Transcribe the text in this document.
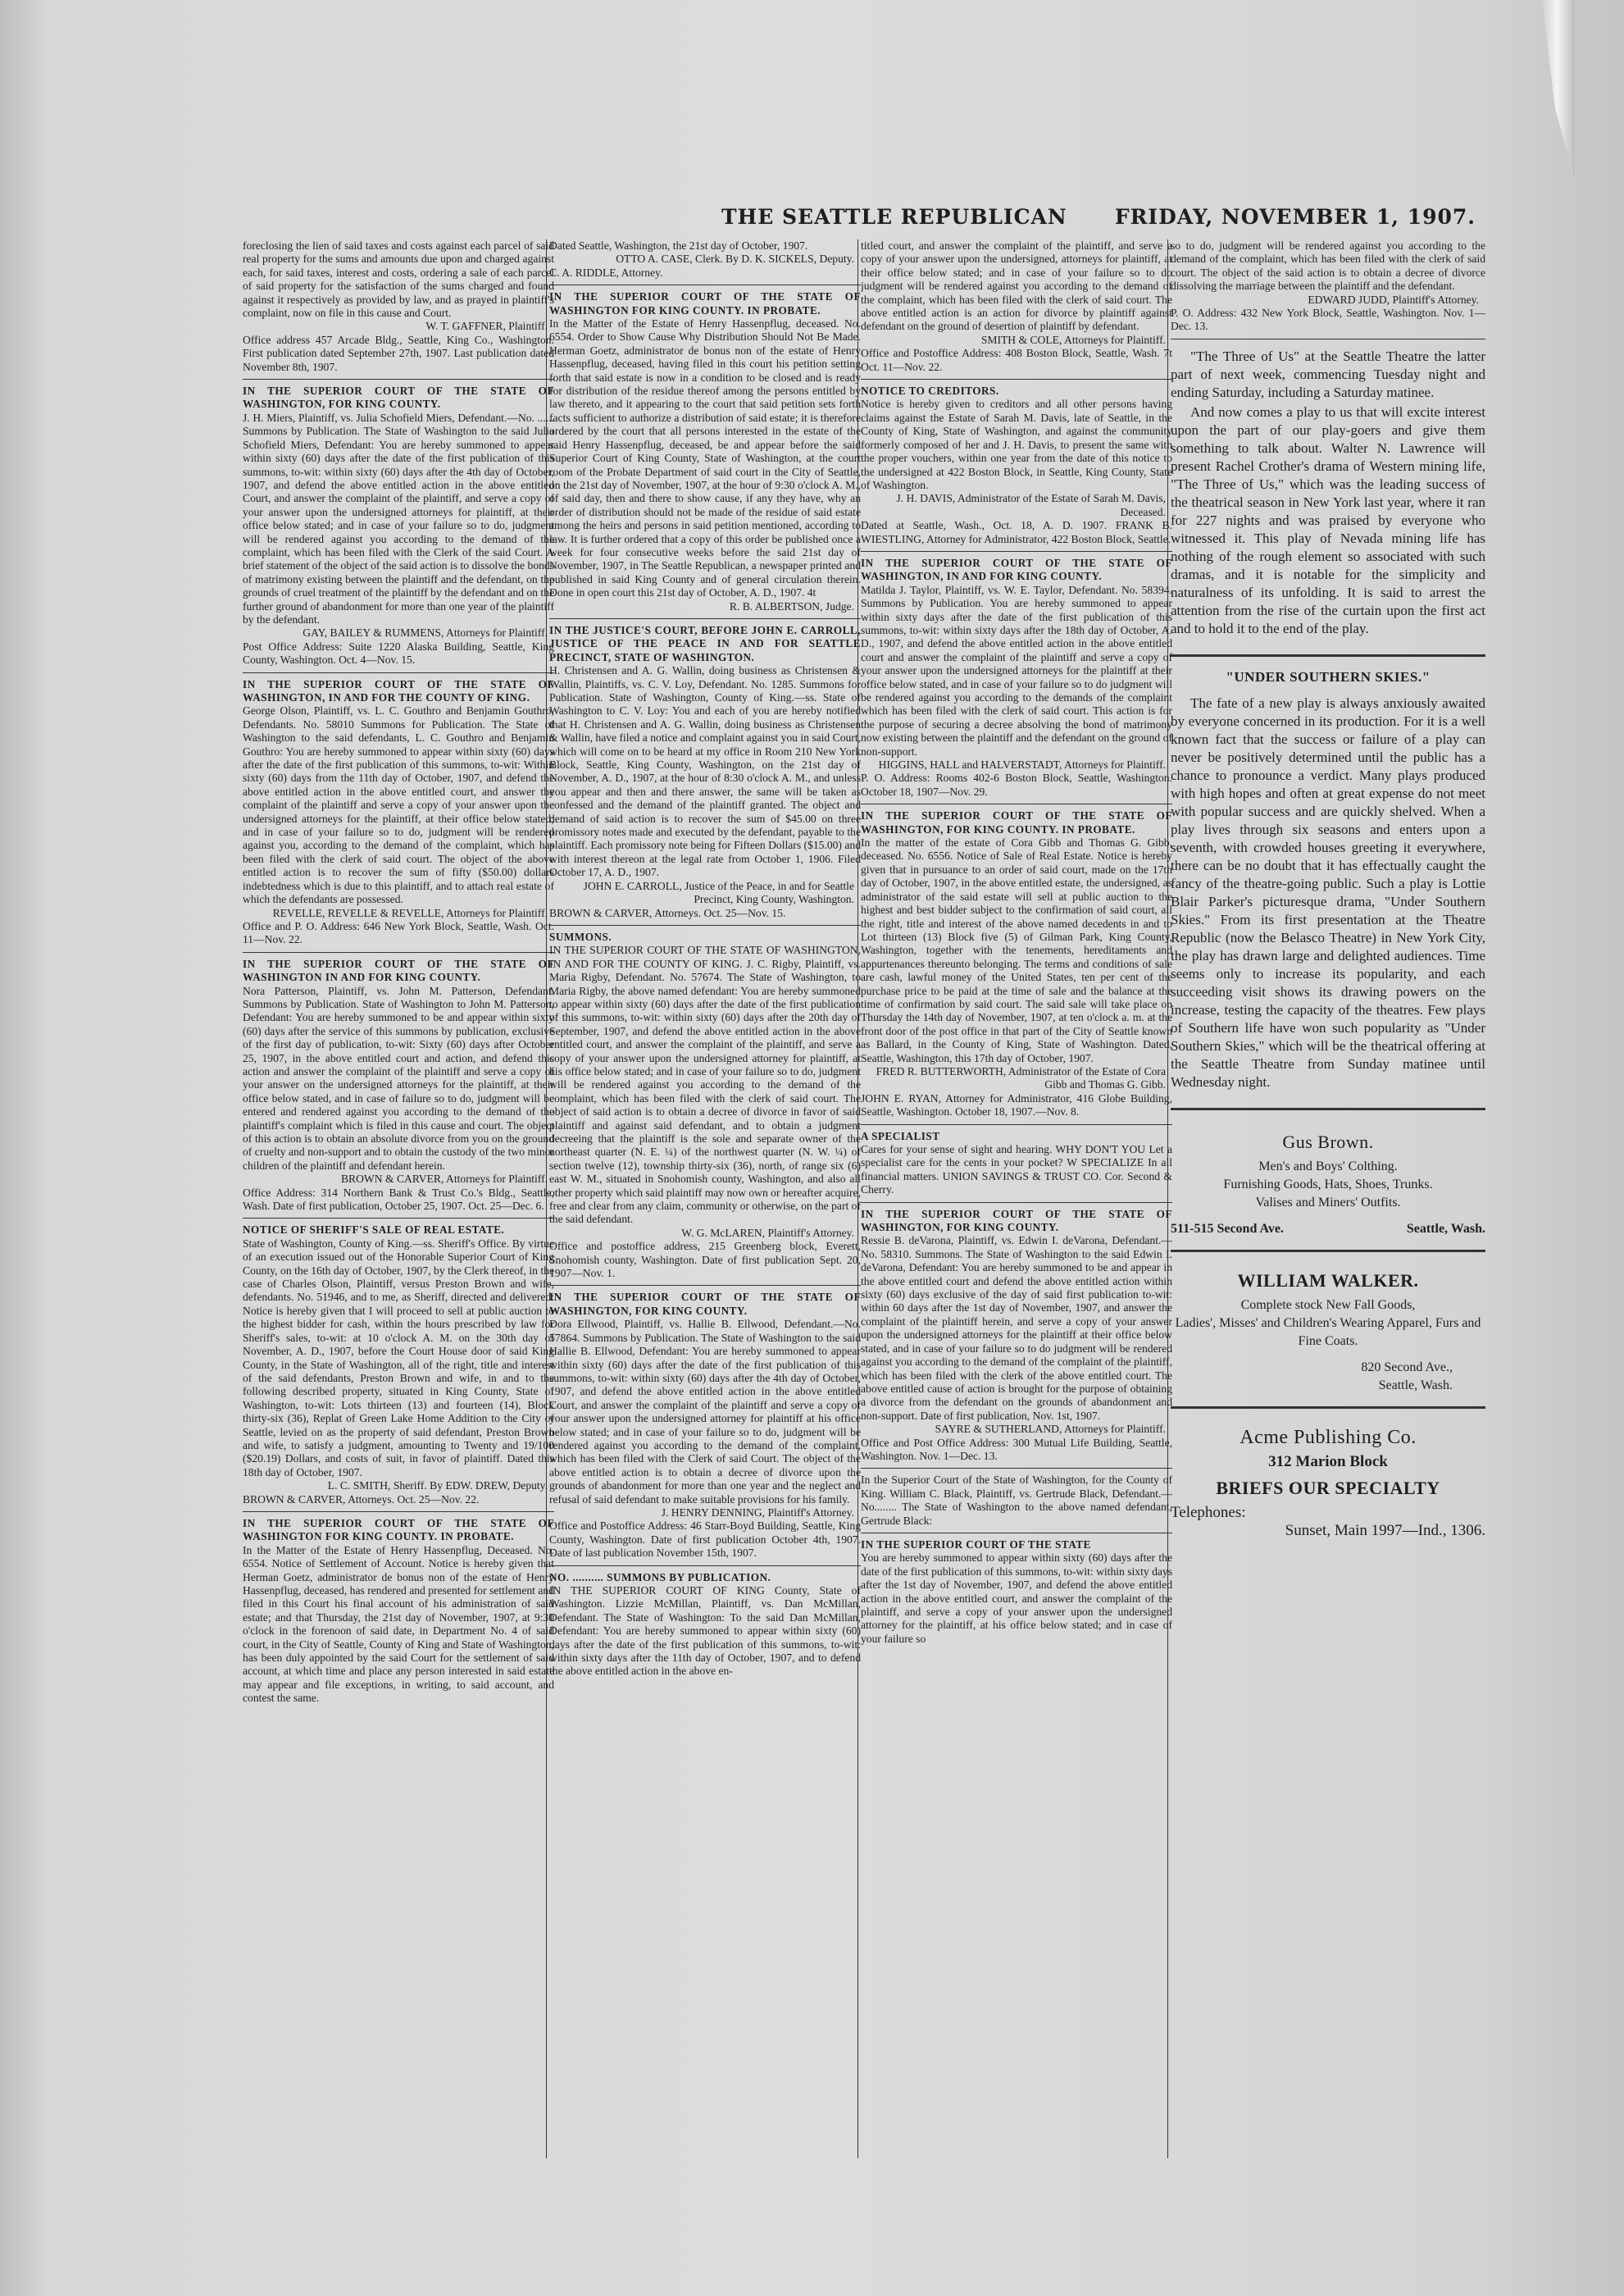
THE SEATTLE REPUBLICAN FRIDAY, NOVEMBER 1, 1907.
foreclosing the lien of said taxes and costs against each parcel of said real property for the sums and amounts due upon and charged against each, for said taxes, interest and costs, ordering a sale of each parcel of said property for the satisfaction of the sums charged and found against it respectively as provided by law, and as prayed in plaintiff's complaint, now on file in this cause and Court.
W. T. GAFFNER, Plaintiff.
Office address 457 Arcade Bldg., Seattle, King Co., Washington. First publication dated September 27th, 1907. Last publication dated November 8th, 1907.
IN THE SUPERIOR COURT OF THE STATE OF WASHINGTON, FOR KING COUNTY.
J. H. Miers, Plaintiff, vs. Julia Schofield Miers, Defendant.—No. ...... Summons by Publication. The State of Washington to the said Julia Schofield Miers, Defendant: You are hereby summoned to appear within sixty (60) days after the date of the first publication of this summons, to-wit: within sixty (60) days after the 4th day of October, 1907, and defend the above entitled action in the above entitled Court, and answer the complaint of the plaintiff, and serve a copy of your answer upon the undersigned attorneys for plaintiff, at their office below stated; and in case of your failure so to do, judgment will be rendered against you according to the demand of the complaint, which has been filed with the Clerk of the said Court. A brief statement of the object of the said action is to dissolve the bonds of matrimony existing between the plaintiff and the defendant, on the grounds of cruel treatment of the plaintiff by the defendant and on the further ground of abandonment for more than one year of the plaintiff by the defendant.
GAY, BAILEY & RUMMENS, Attorneys for Plaintiff.
Post Office Address: Suite 1220 Alaska Building, Seattle, King County, Washington. Oct. 4—Nov. 15.
IN THE SUPERIOR COURT OF THE STATE OF WASHINGTON, IN AND FOR THE COUNTY OF KING.
George Olson, Plaintiff, vs. L. C. Gouthro and Benjamin Gouthro, Defendants. No. 58010 Summons for Publication. The State of Washington to the said defendants, L. C. Gouthro and Benjamin Gouthro: You are hereby summoned to appear within sixty (60) days after the date of the first publication of this summons, to-wit: Within sixty (60) days from the 11th day of October, 1907, and defend the above entitled action in the above entitled court, and answer the complaint of the plaintiff and serve a copy of your answer upon the undersigned attorneys for the plaintiff, at their office below stated; and in case of your failure so to do, judgment will be rendered against you, according to the demand of the complaint, which has been filed with the clerk of said court. The object of the above entitled action is to recover the sum of fifty ($50.00) dollars indebtedness which is due to this plaintiff, and to attach real estate of which the defendants are possessed.
REVELLE, REVELLE & REVELLE, Attorneys for Plaintiff.
Office and P. O. Address: 646 New York Block, Seattle, Wash. Oct. 11—Nov. 22.
IN THE SUPERIOR COURT OF THE STATE OF WASHINGTON IN AND FOR KING COUNTY.
Nora Patterson, Plaintiff, vs. John M. Patterson, Defendant. Summons by Publication. State of Washington to John M. Patterson, Defendant: You are hereby summoned to be and appear within sixty (60) days after the service of this summons by publication, exclusive of the first day of publication, to-wit: Sixty (60) days after October 25, 1907, in the above entitled court and action, and defend this action and answer the complaint of the plaintiff and serve a copy of your answer on the undersigned attorneys for the plaintiff, at their office below stated, and in case of failure so to do, judgment will be entered and rendered against you according to the demand of the plaintiff's complaint which is filed in this cause and court. The object of this action is to obtain an absolute divorce from you on the ground of cruelty and non-support and to obtain the custody of the two minor children of the plaintiff and defendant herein.
BROWN & CARVER, Attorneys for Plaintiff.
Office Address: 314 Northern Bank & Trust Co.'s Bldg., Seattle, Wash. Date of first publication, October 25, 1907. Oct. 25—Dec. 6.
NOTICE OF SHERIFF'S SALE OF REAL ESTATE.
State of Washington, County of King.—ss. Sheriff's Office. By virtue of an execution issued out of the Honorable Superior Court of King County, on the 16th day of October, 1907, by the Clerk thereof, in the case of Charles Olson, Plaintiff, versus Preston Brown and wife, defendants. No. 51946, and to me, as Sheriff, directed and delivered: Notice is hereby given that I will proceed to sell at public auction to the highest bidder for cash, within the hours prescribed by law for Sheriff's sales, to-wit: at 10 o'clock A. M. on the 30th day of November, A. D., 1907, before the Court House door of said King County, in the State of Washington, all of the right, title and interest of the said defendants, Preston Brown and wife, in and to the following described property, situated in King County, State of Washington, to-wit: Lots thirteen (13) and fourteen (14), Block thirty-six (36), Replat of Green Lake Home Addition to the City of Seattle, levied on as the property of said defendant, Preston Brown and wife, to satisfy a judgment, amounting to Twenty and 19/100 ($20.19) Dollars, and costs of suit, in favor of plaintiff. Dated this 18th day of October, 1907.
L. C. SMITH, Sheriff. By EDW. DREW, Deputy.
BROWN & CARVER, Attorneys. Oct. 25—Nov. 22.
IN THE SUPERIOR COURT OF THE STATE OF WASHINGTON FOR KING COUNTY. IN PROBATE.
In the Matter of the Estate of Henry Hassenpflug, Deceased. No. 6554. Notice of Settlement of Account. Notice is hereby given that Herman Goetz, administrator de bonus non of the estate of Henry Hassenpflug, deceased, has rendered and presented for settlement and filed in this Court his final account of his administration of said estate; and that Thursday, the 21st day of November, 1907, at 9:30 o'clock in the forenoon of said date, in Department No. 4 of said court, in the City of Seattle, County of King and State of Washington, has been duly appointed by the said Court for the settlement of said account, at which time and place any person interested in said estate may appear and file exceptions, in writing, to said account, and contest the same.
Dated Seattle, Washington, the 21st day of October, 1907.
OTTO A. CASE, Clerk. By D. K. SICKELS, Deputy.
C. A. RIDDLE, Attorney.
IN THE SUPERIOR COURT OF THE STATE OF WASHINGTON FOR KING COUNTY. IN PROBATE.
In the Matter of the Estate of Henry Hassenpflug, deceased. No. 6554. Order to Show Cause Why Distribution Should Not Be Made. Herman Goetz, administrator de bonus non of the estate of Henry Hassenpflug, deceased, having filed in this court his petition setting forth that said estate is now in a condition to be closed and is ready for distribution of the residue thereof among the persons entitled by law thereto, and it appearing to the court that said petition sets forth facts sufficient to authorize a distribution of said estate; it is therefore ordered by the court that all persons interested in the estate of the said Henry Hassenpflug, deceased, be and appear before the said Superior Court of King County, State of Washington, at the court room of the Probate Department of said court in the City of Seattle, on the 21st day of November, 1907, at the hour of 9:30 o'clock A. M., of said day, then and there to show cause, if any they have, why an order of distribution should not be made of the residue of said estate among the heirs and persons in said petition mentioned, according to law. It is further ordered that a copy of this order be published once a week for four consecutive weeks before the said 21st day of November, 1907, in The Seattle Republican, a newspaper printed and published in said King County and of general circulation therein. Done in open court this 21st day of October, A. D., 1907. 4t
R. B. ALBERTSON, Judge.
IN THE JUSTICE'S COURT, BEFORE JOHN E. CARROLL, JUSTICE OF THE PEACE IN AND FOR SEATTLE PRECINCT, STATE OF WASHINGTON.
H. Christensen and A. G. Wallin, doing business as Christensen & Wallin, Plaintiffs, vs. C. V. Loy, Defendant. No. 1285. Summons for Publication. State of Washington, County of King.—ss. State of Washington to C. V. Loy: You and each of you are hereby notified that H. Christensen and A. G. Wallin, doing business as Christensen & Wallin, have filed a notice and complaint against you in said Court, which will come on to be heard at my office in Room 210 New York Block, Seattle, King County, Washington, on the 21st day of November, A. D., 1907, at the hour of 8:30 o'clock A. M., and unless you appear and then and there answer, the same will be taken as confessed and the demand of the plaintiff granted. The object and demand of said action is to recover the sum of $45.00 on three promissory notes made and executed by the defendant, payable to the plaintiff. Each promissory note being for Fifteen Dollars ($15.00) and with interest thereon at the legal rate from October 1, 1906. Filed October 17, A. D., 1907.
JOHN E. CARROLL, Justice of the Peace, in and for Seattle Precinct, King County, Washington.
BROWN & CARVER, Attorneys. Oct. 25—Nov. 15.
SUMMONS.
IN THE SUPERIOR COURT OF THE STATE OF WASHINGTON, IN AND FOR THE COUNTY OF KING. J. C. Rigby, Plaintiff, vs. Maria Rigby, Defendant. No. 57674. The State of Washington, to Maria Rigby, the above named defendant: You are hereby summoned to appear within sixty (60) days after the date of the first publication of this summons, to-wit: within sixty (60) days after the 20th day of September, 1907, and defend the above entitled action in the above entitled court, and answer the complaint of the plaintiff, and serve a copy of your answer upon the undersigned attorney for plaintiff, at his office below stated; and in case of your failure so to do, judgment will be rendered against you according to the demand of the complaint, which has been filed with the clerk of said court. The object of said action is to obtain a decree of divorce in favor of said plaintiff and against said defendant, and to obtain a judgment decreeing that the plaintiff is the sole and separate owner of the northeast quarter (N. E. ¼) of the northwest quarter (N. W. ¼) of section twelve (12), township thirty-six (36), north, of range six (6) east W. M., situated in Snohomish county, Washington, and also all other property which said plaintiff may now own or hereafter acquire, free and clear from any claim, community or otherwise, on the part of the said defendant.
W. G. McLAREN, Plaintiff's Attorney.
Office and postoffice address, 215 Greenberg block, Everett, Snohomish county, Washington. Date of first publication Sept. 20, 1907—Nov. 1.
IN THE SUPERIOR COURT OF THE STATE OF WASHINGTON, FOR KING COUNTY.
Dora Ellwood, Plaintiff, vs. Hallie B. Ellwood, Defendant.—No. 57864. Summons by Publication. The State of Washington to the said Hallie B. Ellwood, Defendant: You are hereby summoned to appear within sixty (60) days after the date of the first publication of this summons, to-wit: within sixty (60) days after the 4th day of October, 1907, and defend the above entitled action in the above entitled Court, and answer the complaint of the plaintiff and serve a copy of your answer upon the undersigned attorney for plaintiff at his office below stated; and in case of your failure so to do, judgment will be rendered against you according to the demand of the complaint, which has been filed with the Clerk of said Court. The object of the above entitled action is to obtain a decree of divorce upon the grounds of abandonment for more than one year and the neglect and refusal of said defendant to make suitable provisions for his family.
J. HENRY DENNING, Plaintiff's Attorney.
Office and Postoffice Address: 46 Starr-Boyd Building, Seattle, King County, Washington. Date of first publication October 4th, 1907. Date of last publication November 15th, 1907.
NO. .......... SUMMONS BY PUBLICATION.
IN THE SUPERIOR COURT OF KING County, State of Washington. Lizzie McMillan, Plaintiff, vs. Dan McMillan, Defendant. The State of Washington: To the said Dan McMillan, Defendant: You are hereby summoned to appear within sixty (60) days after the date of the first publication of this summons, to-wit: within sixty days after the 11th day of October, 1907, and to defend the above entitled action in the above en-
titled court, and answer the complaint of the plaintiff, and serve a copy of your answer upon the undersigned, attorneys for plaintiff, at their office below stated; and in case of your failure so to do judgment will be rendered against you according to the demand of the complaint, which has been filed with the clerk of said court. The above entitled action is an action for divorce by plaintiff against defendant on the ground of desertion of plaintiff by defendant.
SMITH & COLE, Attorneys for Plaintiff.
Office and Postoffice Address: 408 Boston Block, Seattle, Wash. 7t Oct. 11—Nov. 22.
NOTICE TO CREDITORS.
Notice is hereby given to creditors and all other persons having claims against the Estate of Sarah M. Davis, late of Seattle, in the County of King, State of Washington, and against the community formerly composed of her and J. H. Davis, to present the same with the proper vouchers, within one year from the date of this notice to the undersigned at 422 Boston Block, in Seattle, King County, State of Washington.
J. H. DAVIS, Administrator of the Estate of Sarah M. Davis, Deceased.
Dated at Seattle, Wash., Oct. 18, A. D. 1907. FRANK B. WIESTLING, Attorney for Administrator, 422 Boston Block, Seattle.
IN THE SUPERIOR COURT OF THE STATE OF WASHINGTON, IN AND FOR KING COUNTY.
Matilda J. Taylor, Plaintiff, vs. W. E. Taylor, Defendant. No. 58394. Summons by Publication. You are hereby summoned to appear within sixty days after the date of the first publication of this summons, to-wit: within sixty days after the 18th day of October, A. D., 1907, and defend the above entitled action in the above entitled court and answer the complaint of the plaintiff and serve a copy of your answer upon the undersigned attorneys for the plaintiff at their office below stated, and in case of your failure so to do judgment will be rendered against you according to the demands of the complaint which has been filed with the clerk of said court. This action is for the purpose of securing a decree absolving the bond of matrimony now existing between the plaintiff and the defendant on the ground of non-support.
HIGGINS, HALL and HALVERSTADT, Attorneys for Plaintiff.
P. O. Address: Rooms 402-6 Boston Block, Seattle, Washington. October 18, 1907—Nov. 29.
IN THE SUPERIOR COURT OF THE STATE OF WASHINGTON, FOR KING COUNTY. IN PROBATE.
In the matter of the estate of Cora Gibb and Thomas G. Gibb, deceased. No. 6556. Notice of Sale of Real Estate. Notice is hereby given that in pursuance to an order of said court, made on the 17th day of October, 1907, in the above entitled estate, the undersigned, as administrator of the said estate will sell at public auction to the highest and best bidder subject to the confirmation of said court, all the right, title and interest of the above named decedents in and to Lot thirteen (13) Block five (5) of Gilman Park, King County, Washington, together with the tenements, hereditaments and appurtenances thereunto belonging. The terms and conditions of sale are cash, lawful money of the United States, ten per cent of the purchase price to be paid at the time of sale and the balance at the time of confirmation by said court. The said sale will take place on Thursday the 14th day of November, 1907, at ten o'clock a. m. at the front door of the post office in that part of the City of Seattle known as Ballard, in the County of King, State of Washington. Dated, Seattle, Washington, this 17th day of October, 1907.
FRED R. BUTTERWORTH, Administrator of the Estate of Cora Gibb and Thomas G. Gibb.
JOHN E. RYAN, Attorney for Administrator, 416 Globe Building, Seattle, Washington. October 18, 1907.—Nov. 8.
A SPECIALIST
Cares for your sense of sight and hearing. WHY DON'T YOU Let a specialist care for the cents in your pocket? W SPECIALIZE In all financial matters. UNION SAVINGS & TRUST CO. Cor. Second & Cherry.
IN THE SUPERIOR COURT OF THE STATE OF WASHINGTON, FOR KING COUNTY.
Ressie B. deVarona, Plaintiff, vs. Edwin I. deVarona, Defendant.—No. 58310. Summons. The State of Washington to the said Edwin I. deVarona, Defendant: You are hereby summoned to be and appear in the above entitled court and defend the above entitled action within sixty (60) days exclusive of the day of said first publication to-wit: within 60 days after the 1st day of November, 1907, and answer the complaint of the plaintiff herein, and serve a copy of your answer upon the undersigned attorneys for the plaintiff at their office below stated, and in case of your failure so to do judgment will be rendered against you according to the demand of the complaint of the plaintiff, which has been filed with the clerk of the above entitled court. The above entitled cause of action is brought for the purpose of obtaining a divorce from the defendant on the grounds of abandonment and non-support. Date of first publication, Nov. 1st, 1907.
SAYRE & SUTHERLAND, Attorneys for Plaintiff.
Office and Post Office Address: 300 Mutual Life Building, Seattle, Washington. Nov. 1—Dec. 13.
In the Superior Court of the State of Washington, for the County of King. William C. Black, Plaintiff, vs. Gertrude Black, Defendant.—No........ The State of Washington to the above named defendant, Gertrude Black:
IN THE SUPERIOR COURT OF THE STATE
You are hereby summoned to appear within sixty (60) days after the date of the first publication of this summons, to-wit: within sixty days after the 1st day of November, 1907, and defend the above entitled action in the above entitled court, and answer the complaint of the plaintiff, and serve a copy of your answer upon the undersigned attorney for the plaintiff, at his office below stated; and in case of your failure so
so to do, judgment will be rendered against you according to the demand of the complaint, which has been filed with the clerk of said court. The object of the said action is to obtain a decree of divorce dissolving the marriage between the plaintiff and the defendant.
EDWARD JUDD, Plaintiff's Attorney.
P. O. Address: 432 New York Block, Seattle, Washington. Nov. 1—Dec. 13.

"The Three of Us" at the Seattle Theatre the latter part of next week, commencing Tuesday night and ending Saturday, including a Saturday matinee.

And now comes a play to us that will excite interest upon the part of our play-goers and give them something to talk about. Walter N. Lawrence will present Rachel Crother's drama of Western mining life, "The Three of Us," which was the leading success of the theatrical season in New York last year, where it ran for 227 nights and was praised by everyone who witnessed it. This play of Nevada mining life has nothing of the rough element so associated with such dramas, and it is notable for the simplicity and naturalness of its unfolding. It is said to arrest the attention from the rise of the curtain upon the first act and to hold it to the end of the play.

"UNDER SOUTHERN SKIES."

The fate of a new play is always anxiously awaited by everyone concerned in its production. For it is a well known fact that the success or failure of a play can never be positively determined until the public has a chance to pronounce a verdict. Many plays produced with high hopes and often at great expense do not meet with popular success and are quickly shelved. When a play lives through six seasons and enters upon a seventh, with crowded houses greeting it everywhere, there can be no doubt that it has effectually caught the fancy of the theatre-going public. Such a play is Lottie Blair Parker's picturesque drama, "Under Southern Skies." From its first presentation at the Theatre Republic (now the Belasco Theatre) in New York City, the play has drawn large and delighted audiences. Time seems only to increase its popularity, and each succeeding visit shows its drawing powers on the increase, testing the capacity of the theatres. Few plays of Southern life have won such popularity as "Under Southern Skies," which will be the theatrical offering at the Seattle Theatre from Sunday matinee until Wednesday night.

Gus Brown.
Men's and Boys' Colthing.
Furnishing Goods, Hats, Shoes, Trunks.
Valises and Miners' Outfits.
511-515 Second Ave.	Seattle, Wash.
WILLIAM WALKER.
Complete stock New Fall Goods,
Ladies', Misses' and Children's Wearing Apparel, Furs and Fine Coats.
820 Second Ave.,
Seattle, Wash.
Acme Publishing Co.
312 Marion Block
BRIEFS OUR SPECIALTY
Telephones:
Sunset, Main 1997—Ind., 1306.
